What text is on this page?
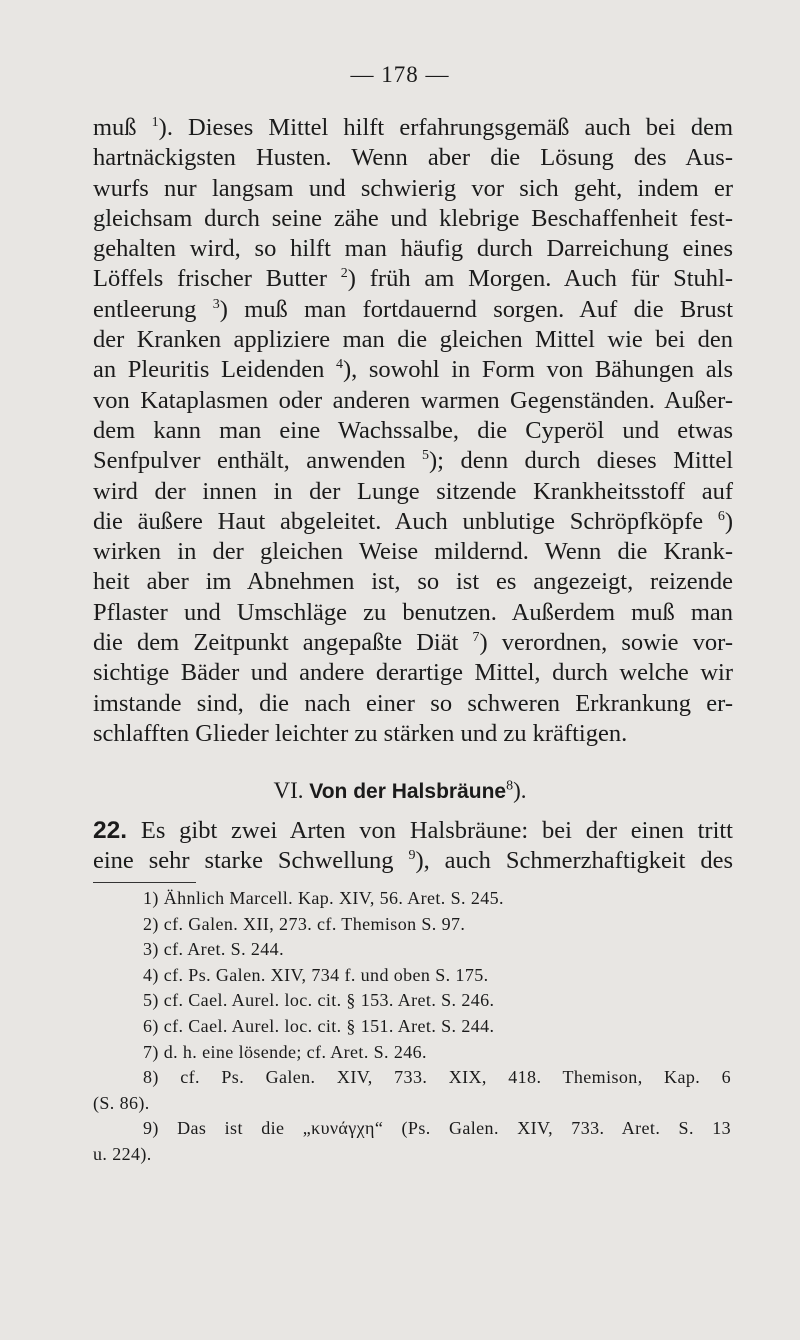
— 178 —
muß $^1$). Dieses Mittel hilft erfahrungsgemäß auch bei dem
hartnäckigsten Husten. Wenn aber die Lösung des Aus-
wurfs nur langsam und schwierig vor sich geht, indem er
gleichsam durch seine zähe und klebrige Beschaffenheit fest-
gehalten wird, so hilft man häufig durch Darreichung eines
Löffels frischer Butter $^2$) früh am Morgen. Auch für Stuhl-
entleerung $^3$) muß man fortdauernd sorgen. Auf die Brust
der Kranken appliziere man die gleichen Mittel wie bei den
an Pleuritis Leidenden $^4$), sowohl in Form von Bähungen als
von Kataplasmen oder anderen warmen Gegenständen. Außer-
dem kann man eine Wachssalbe, die Cyperöl und etwas
Senfpulver enthält, anwenden $^5$); denn durch dieses Mittel
wird der innen in der Lunge sitzende Krankheitsstoff auf
die äußere Haut abgeleitet. Auch unblutige Schröpfköpfe $^6$)
wirken in der gleichen Weise mildernd. Wenn die Krank-
heit aber im Abnehmen ist, so ist es angezeigt, reizende
Pflaster und Umschläge zu benutzen. Außerdem muß man
die dem Zeitpunkt angepaßte Diät $^7$) verordnen, sowie vor-
sichtige Bäder und andere derartige Mittel, durch welche wir
imstande sind, die nach einer so schweren Erkrankung er-
schlafften Glieder leichter zu stärken und zu kräftigen.
VI. Von der Halsbräune$^8$).
22. Es gibt zwei Arten von Halsbräune: bei der einen tritt
eine sehr starke Schwellung $^9$), auch Schmerzhaftigkeit des
1) Ähnlich Marcell. Kap. XIV, 56. Aret. S. 245.
2) cf. Galen. XII, 273. cf. Themison S. 97.
3) cf. Aret. S. 244.
4) cf. Ps. Galen. XIV, 734 f. und oben S. 175.
5) cf. Cael. Aurel. loc. cit. § 153. Aret. S. 246.
6) cf. Cael. Aurel. loc. cit. § 151. Aret. S. 244.
7) d. h. eine lösende; cf. Aret. S. 246.
8) cf. Ps. Galen. XIV, 733. XIX, 418. Themison, Kap. 6
(S. 86).
9) Das ist die „κυνάγχη“ (Ps. Galen. XIV, 733. Aret. S. 13
u. 224).
